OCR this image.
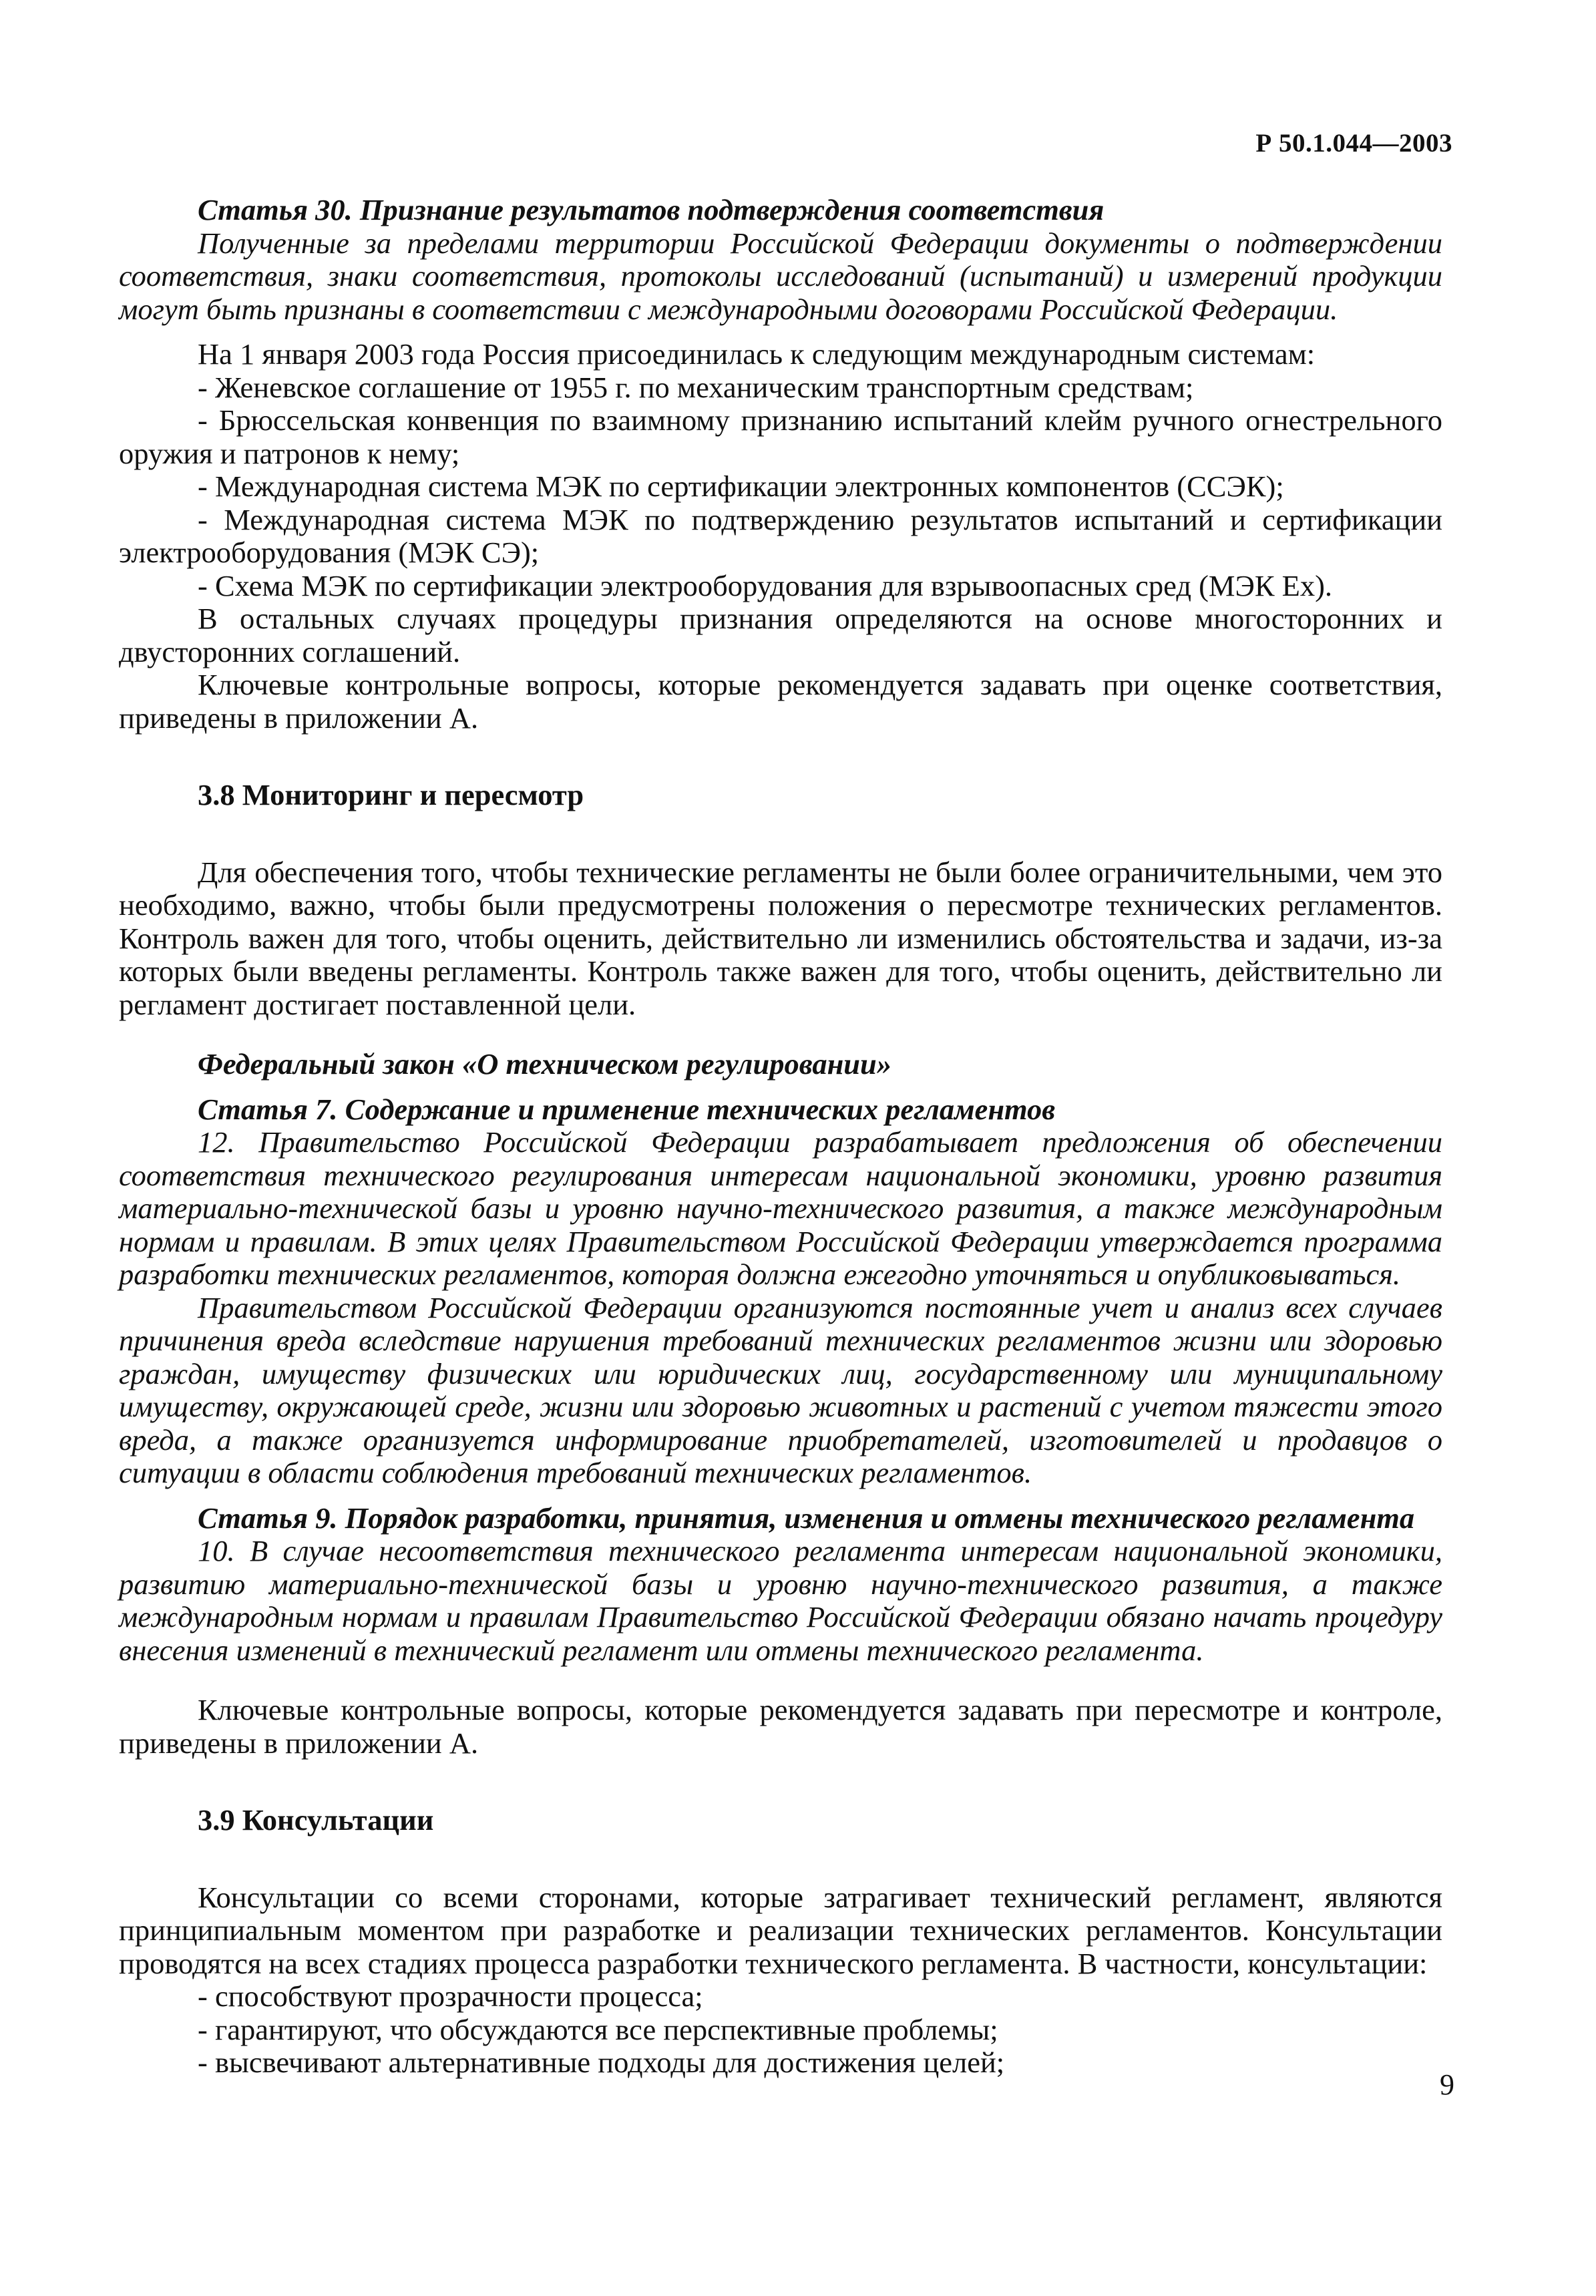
Р 50.1.044—2003

Статья 30. Признание результатов подтверждения соответствия

Полученные за пределами территории Российской Федерации документы о подтверждении соответствия, знаки соответствия, протоколы исследований (испытаний) и измерений продукции могут быть признаны в соответствии с международными договорами Российской Федерации.

На 1 января 2003 года Россия присоединилась к следующим международным системам:

- Женевское соглашение от 1955 г. по механическим транспортным средствам;

- Брюссельская конвенция по взаимному признанию испытаний клейм ручного огнестрельного оружия и патронов к нему;

- Международная система МЭК по сертификации электронных компонентов (ССЭК);

- Международная система МЭК по подтверждению результатов испытаний и сертификации электрооборудования (МЭК СЭ);

- Схема МЭК по сертификации электрооборудования для взрывоопасных сред (МЭК Ex).

В остальных случаях процедуры признания определяются на основе многосторонних и двусторонних соглашений.

Ключевые контрольные вопросы, которые рекомендуется задавать при оценке соответствия, приведены в приложении А.

3.8 Мониторинг и пересмотр

Для обеспечения того, чтобы технические регламенты не были более ограничительными, чем это необходимо, важно, чтобы были предусмотрены положения о пересмотре технических регламентов. Контроль важен для того, чтобы оценить, действительно ли изменились обстоятельства и задачи, из-за которых были введены регламенты. Контроль также важен для того, чтобы оценить, действительно ли регламент достигает поставленной цели.

Федеральный закон «О техническом регулировании»

Статья 7. Содержание и применение технических регламентов

12. Правительство Российской Федерации разрабатывает предложения об обеспечении соответствия технического регулирования интересам национальной экономики, уровню развития материально-технической базы и уровню научно-технического развития, а также международным нормам и правилам. В этих целях Правительством Российской Федерации утверждается программа разработки технических регламентов, которая должна ежегодно уточняться и опубликовываться.

Правительством Российской Федерации организуются постоянные учет и анализ всех случаев причинения вреда вследствие нарушения требований технических регламентов жизни или здоровью граждан, имуществу физических или юридических лиц, государственному или муниципальному имуществу, окружающей среде, жизни или здоровью животных и растений с учетом тяжести этого вреда, а также организуется информирование приобретателей, изготовителей и продавцов о ситуации в области соблюдения требований технических регламентов.

Статья 9. Порядок разработки, принятия, изменения и отмены технического регламента

10. В случае несоответствия технического регламента интересам национальной экономики, развитию материально-технической базы и уровню научно-технического развития, а также международным нормам и правилам Правительство Российской Федерации обязано начать процедуру внесения изменений в технический регламент или отмены технического регламента.

Ключевые контрольные вопросы, которые рекомендуется задавать при пересмотре и контроле, приведены в приложении А.

3.9 Консультации

Консультации со всеми сторонами, которые затрагивает технический регламент, являются принципиальным моментом при разработке и реализации технических регламентов. Консультации проводятся на всех стадиях процесса разработки технического регламента. В частности, консультации:

- способствуют прозрачности процесса;

- гарантируют, что обсуждаются все перспективные проблемы;

- высвечивают альтернативные подходы для достижения целей;

9
